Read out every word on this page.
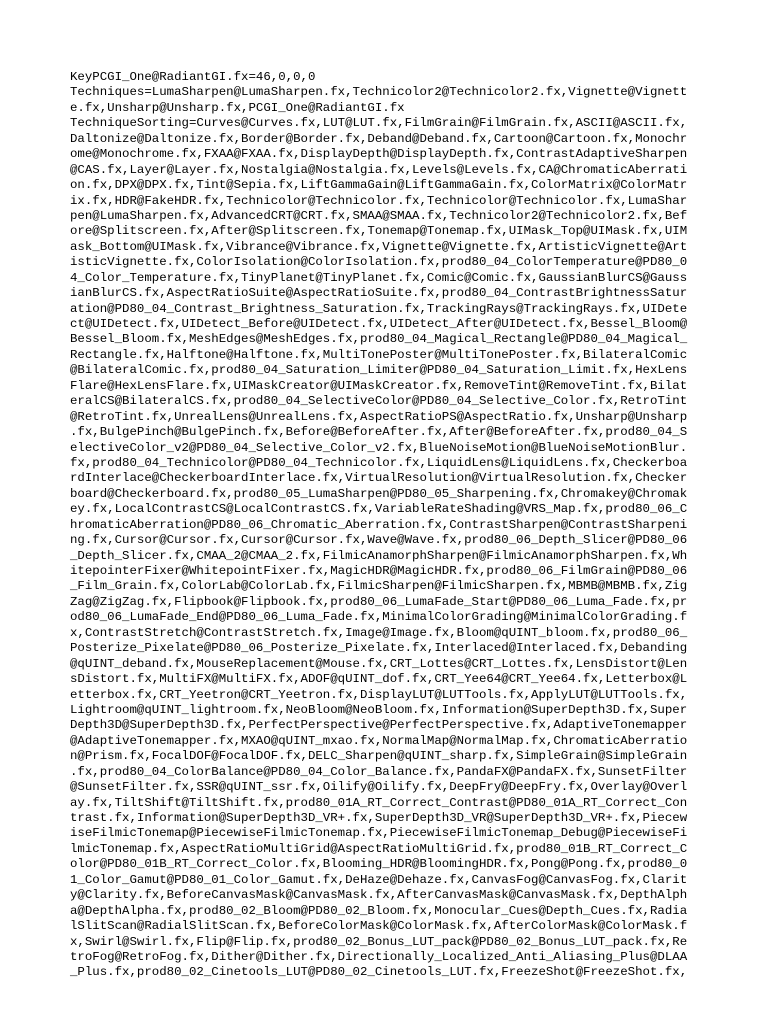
KeyPCGI_One@RadiantGI.fx=46,0,0,0
Techniques=LumaSharpen@LumaSharpen.fx,Technicolor2@Technicolor2.fx,Vignette@Vignett
e.fx,Unsharp@Unsharp.fx,PCGI_One@RadiantGI.fx
TechniqueSorting=Curves@Curves.fx,LUT@LUT.fx,FilmGrain@FilmGrain.fx,ASCII@ASCII.fx,
Daltonize@Daltonize.fx,Border@Border.fx,Deband@Deband.fx,Cartoon@Cartoon.fx,Monochr
ome@Monochrome.fx,FXAA@FXAA.fx,DisplayDepth@DisplayDepth.fx,ContrastAdaptiveSharpen
@CAS.fx,Layer@Layer.fx,Nostalgia@Nostalgia.fx,Levels@Levels.fx,CA@ChromaticAberrati
on.fx,DPX@DPX.fx,Tint@Sepia.fx,LiftGammaGain@LiftGammaGain.fx,ColorMatrix@ColorMatr
ix.fx,HDR@FakeHDR.fx,Technicolor@Technicolor.fx,Technicolor@Technicolor.fx,LumaShar
pen@LumaSharpen.fx,AdvancedCRT@CRT.fx,SMAA@SMAA.fx,Technicolor2@Technicolor2.fx,Bef
ore@Splitscreen.fx,After@Splitscreen.fx,Tonemap@Tonemap.fx,UIMask_Top@UIMask.fx,UIM
ask_Bottom@UIMask.fx,Vibrance@Vibrance.fx,Vignette@Vignette.fx,ArtisticVignette@Art
isticVignette.fx,ColorIsolation@ColorIsolation.fx,prod80_04_ColorTemperature@PD80_0
4_Color_Temperature.fx,TinyPlanet@TinyPlanet.fx,Comic@Comic.fx,GaussianBlurCS@Gauss
ianBlurCS.fx,AspectRatioSuite@AspectRatioSuite.fx,prod80_04_ContrastBrightnessSatur
ation@PD80_04_Contrast_Brightness_Saturation.fx,TrackingRays@TrackingRays.fx,UIDete
ct@UIDetect.fx,UIDetect_Before@UIDetect.fx,UIDetect_After@UIDetect.fx,Bessel_Bloom@
Bessel_Bloom.fx,MeshEdges@MeshEdges.fx,prod80_04_Magical_Rectangle@PD80_04_Magical_
Rectangle.fx,Halftone@Halftone.fx,MultiTonePoster@MultiTonePoster.fx,BilateralComic
@BilateralComic.fx,prod80_04_Saturation_Limiter@PD80_04_Saturation_Limit.fx,HexLens
Flare@HexLensFlare.fx,UIMaskCreator@UIMaskCreator.fx,RemoveTint@RemoveTint.fx,Bilat
eralCS@BilateralCS.fx,prod80_04_SelectiveColor@PD80_04_Selective_Color.fx,RetroTint
@RetroTint.fx,UnrealLens@UnrealLens.fx,AspectRatioPS@AspectRatio.fx,Unsharp@Unsharp
.fx,BulgePinch@BulgePinch.fx,Before@BeforeAfter.fx,After@BeforeAfter.fx,prod80_04_S
electiveColor_v2@PD80_04_Selective_Color_v2.fx,BlueNoiseMotion@BlueNoiseMotionBlur.
fx,prod80_04_Technicolor@PD80_04_Technicolor.fx,LiquidLens@LiquidLens.fx,Checkerboa
rdInterlace@CheckerboardInterlace.fx,VirtualResolution@VirtualResolution.fx,Checker
board@Checkerboard.fx,prod80_05_LumaSharpen@PD80_05_Sharpening.fx,Chromakey@Chromak
ey.fx,LocalContrastCS@LocalContrastCS.fx,VariableRateShading@VRS_Map.fx,prod80_06_C
hromaticAberration@PD80_06_Chromatic_Aberration.fx,ContrastSharpen@ContrastSharpeni
ng.fx,Cursor@Cursor.fx,Cursor@Cursor.fx,Wave@Wave.fx,prod80_06_Depth_Slicer@PD80_06
_Depth_Slicer.fx,CMAA_2@CMAA_2.fx,FilmicAnamorphSharpen@FilmicAnamorphSharpen.fx,Wh
itepointerFixer@WhitepointFixer.fx,MagicHDR@MagicHDR.fx,prod80_06_FilmGrain@PD80_06
_Film_Grain.fx,ColorLab@ColorLab.fx,FilmicSharpen@FilmicSharpen.fx,MBMB@MBMB.fx,Zig
Zag@ZigZag.fx,Flipbook@Flipbook.fx,prod80_06_LumaFade_Start@PD80_06_Luma_Fade.fx,pr
od80_06_LumaFade_End@PD80_06_Luma_Fade.fx,MinimalColorGrading@MinimalColorGrading.f
x,ContrastStretch@ContrastStretch.fx,Image@Image.fx,Bloom@qUINT_bloom.fx,prod80_06_
Posterize_Pixelate@PD80_06_Posterize_Pixelate.fx,Interlaced@Interlaced.fx,Debanding
@qUINT_deband.fx,MouseReplacement@Mouse.fx,CRT_Lottes@CRT_Lottes.fx,LensDistort@Len
sDistort.fx,MultiFX@MultiFX.fx,ADOF@qUINT_dof.fx,CRT_Yee64@CRT_Yee64.fx,Letterbox@L
etterbox.fx,CRT_Yeetron@CRT_Yeetron.fx,DisplayLUT@LUTTools.fx,ApplyLUT@LUTTools.fx,
Lightroom@qUINT_lightroom.fx,NeoBloom@NeoBloom.fx,Information@SuperDepth3D.fx,Super
Depth3D@SuperDepth3D.fx,PerfectPerspective@PerfectPerspective.fx,AdaptiveTonemapper
@AdaptiveTonemapper.fx,MXAO@qUINT_mxao.fx,NormalMap@NormalMap.fx,ChromaticAberratio
n@Prism.fx,FocalDOF@FocalDOF.fx,DELC_Sharpen@qUINT_sharp.fx,SimpleGrain@SimpleGrain
.fx,prod80_04_ColorBalance@PD80_04_Color_Balance.fx,PandaFX@PandaFX.fx,SunsetFilter
@SunsetFilter.fx,SSR@qUINT_ssr.fx,Oilify@Oilify.fx,DeepFry@DeepFry.fx,Overlay@Overl
ay.fx,TiltShift@TiltShift.fx,prod80_01A_RT_Correct_Contrast@PD80_01A_RT_Correct_Con
trast.fx,Information@SuperDepth3D_VR+.fx,SuperDepth3D_VR@SuperDepth3D_VR+.fx,Piecew
iseFilmicTonemap@PiecewiseFilmicTonemap.fx,PiecewiseFilmicTonemap_Debug@PiecewiseFi
lmicTonemap.fx,AspectRatioMultiGrid@AspectRatioMultiGrid.fx,prod80_01B_RT_Correct_C
olor@PD80_01B_RT_Correct_Color.fx,Blooming_HDR@BloomingHDR.fx,Pong@Pong.fx,prod80_0
1_Color_Gamut@PD80_01_Color_Gamut.fx,DeHaze@Dehaze.fx,CanvasFog@CanvasFog.fx,Clarit
y@Clarity.fx,BeforeCanvasMask@CanvasMask.fx,AfterCanvasMask@CanvasMask.fx,DepthAlph
a@DepthAlpha.fx,prod80_02_Bloom@PD80_02_Bloom.fx,Monocular_Cues@Depth_Cues.fx,Radia
lSlitScan@RadialSlitScan.fx,BeforeColorMask@ColorMask.fx,AfterColorMask@ColorMask.f
x,Swirl@Swirl.fx,Flip@Flip.fx,prod80_02_Bonus_LUT_pack@PD80_02_Bonus_LUT_pack.fx,Re
troFog@RetroFog.fx,Dither@Dither.fx,Directionally_Localized_Anti_Aliasing_Plus@DLAA
_Plus.fx,prod80_02_Cinetools_LUT@PD80_02_Cinetools_LUT.fx,FreezeShot@FreezeShot.fx,
